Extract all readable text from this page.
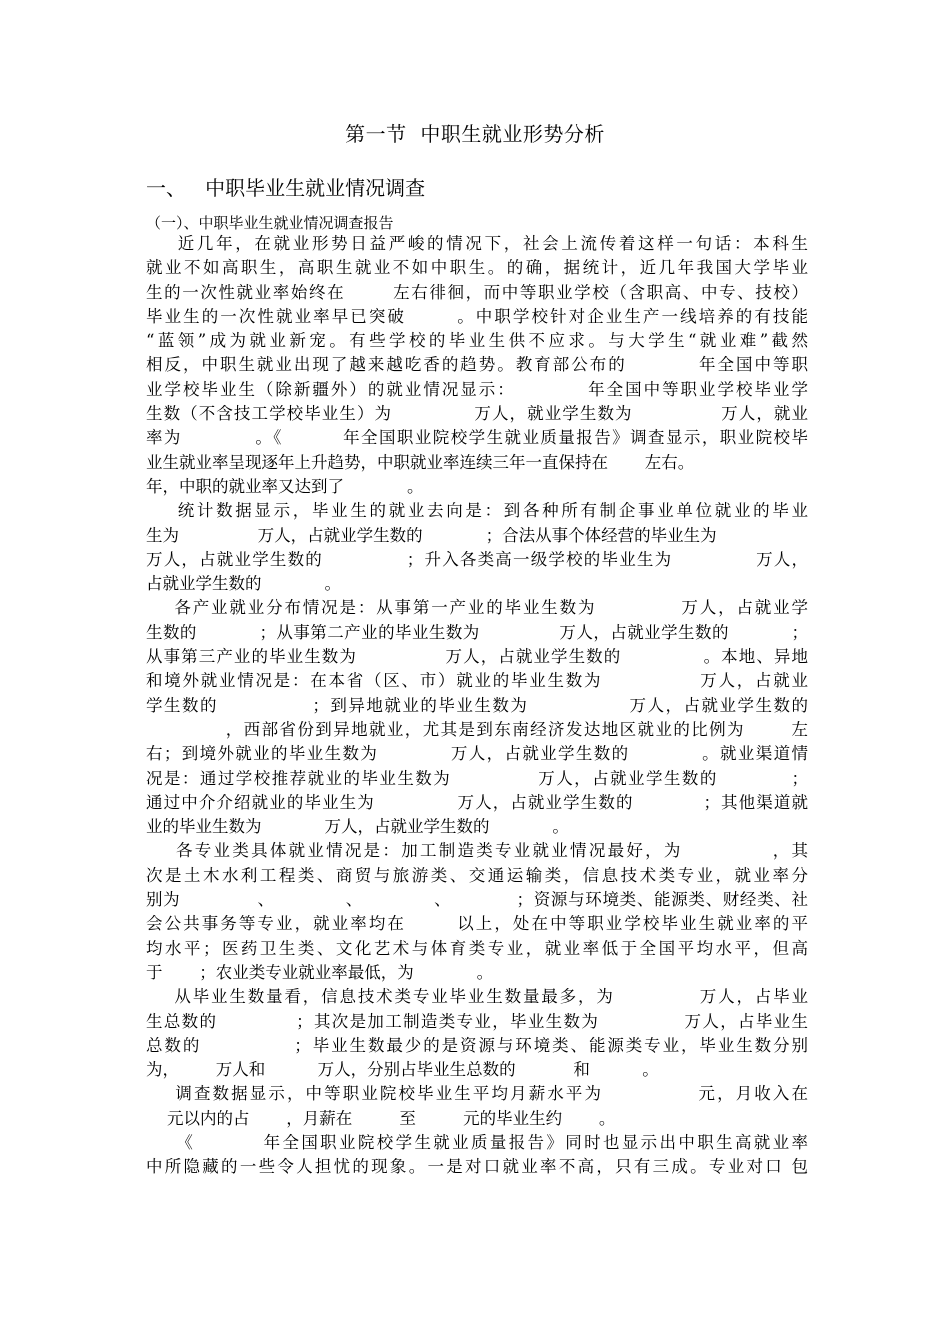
第一节  中职生就业形势分析
一、   中职毕业生就业情况调查
（一）、中职毕业生就业情况调查报告
近几年，在就业形势日益严峻的情况下，社会上流传着这样一句话：本科生
就业不如高职生，高职生就业不如中职生。的确，据统计，近几年我国大学毕业
生的一次性就业率始终在       左右徘徊，而中等职业学校（含职高、中专、技校）
毕业生的一次性就业率早已突破       。中职学校针对企业生产一线培养的有技能
“蓝领”成为就业新宠。有些学校的毕业生供不应求。与大学生“就业难”截然
相反，中职生就业出现了越来越吃香的趋势。教育部公布的          年全国中等职
业学校毕业生（除新疆外）的就业情况显示：          年全国中等职业学校毕业学
生数（不含技工学校毕业生）为             万人，就业学生数为              万人，就业
率为           。《         年全国职业院校学生就业质量报告》调查显示，职业院校毕
业生就业率呈现逐年上升趋势，中职就业率连续三年一直保持在       左右。
年，中职的就业率又达到了            。
统计数据显示，毕业生的就业去向是：到各种所有制企事业单位就业的毕业
生为               万人，占就业学生数的            ；合法从事个体经营的毕业生为
万人，占就业学生数的             ；升入各类高一级学校的毕业生为             万人，
占就业学生数的            。
各产业就业分布情况是：从事第一产业的毕业生数为            万人，占就业学
生数的           ；从事第二产业的毕业生数为              万人，占就业学生数的           ；
从事第三产业的毕业生数为              万人，占就业学生数的             。本地、异地
和境外就业情况是：在本省（区、市）就业的毕业生数为              万人，占就业
学生数的              ；到异地就业的毕业生数为               万人，占就业学生数的
，西部省份到异地就业，尤其是到东南经济发达地区就业的比例为       左
右；到境外就业的毕业生数为           万人，占就业学生数的           。就业渠道情
况是：通过学校推荐就业的毕业生数为             万人，占就业学生数的           ；
通过中介介绍就业的毕业生为             万人，占就业学生数的           ；其他渠道就
业的毕业生数为            万人，占就业学生数的            。
各专业类具体就业情况是：加工制造类专业就业情况最好，为            ，其
次是土木水利工程类、商贸与旅游类、交通运输类，信息技术类专业，就业率分
别为             、            、            、           ；资源与环境类、能源类、财经类、社
会公共事务等专业，就业率均在       以上，处在中等职业学校毕业生就业率的平
均水平；医药卫生类、文化艺术与体育类专业，就业率低于全国平均水平，但高
于       ；农业类专业就业率最低，为            。
从毕业生数量看，信息技术类专业毕业生数量最多，为            万人，占毕业
生总数的            ；其次是加工制造类专业，毕业生数为             万人，占毕业生
总数的             ；毕业生数最少的是资源与环境类、能源类专业，毕业生数分别
为，       万人和          万人，分别占毕业生总数的           和          。
调查数据显示，中等职业院校毕业生平均月薪水平为             元，月收入在
元以内的占       ，月薪在         至         元的毕业生约       。
《         年全国职业院校学生就业质量报告》同时也显示出中职生高就业率
中所隐藏的一些令人担忧的现象。一是对口就业率不高，只有三成。专业对口 包
